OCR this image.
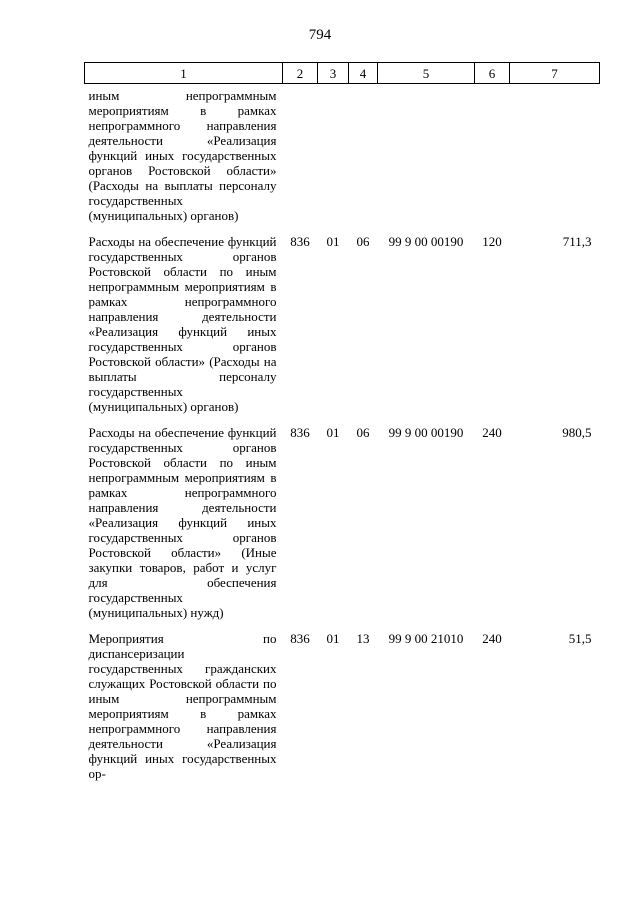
794
1	2	3	4	5	6	7
иным непрограммным мероприятиям в рамках непрограммного направления деятельности «Реализация функций иных государственных органов Ростовской области» (Расходы на выплаты персоналу государственных (муниципальных) органов)						
Расходы на обеспечение функций государственных органов Ростовской области по иным непрограммным мероприятиям в рамках непрограммного направления деятельности «Реализация функций иных государственных органов Ростовской области» (Расходы на выплаты персоналу государственных (муниципальных) органов)	836	01	06	99 9 00 00190	120	711,3
Расходы на обеспечение функций государственных органов Ростовской области по иным непрограммным мероприятиям в рамках непрограммного направления деятельности «Реализация функций иных государственных органов Ростовской области» (Иные закупки товаров, работ и услуг для обеспечения государственных (муниципальных) нужд)	836	01	06	99 9 00 00190	240	980,5
Мероприятия по диспансеризации государственных гражданских служащих Ростовской области по иным непрограммным мероприятиям в рамках непрограммного направления деятельности «Реализация функций иных государственных ор-	836	01	13	99 9 00 21010	240	51,5
